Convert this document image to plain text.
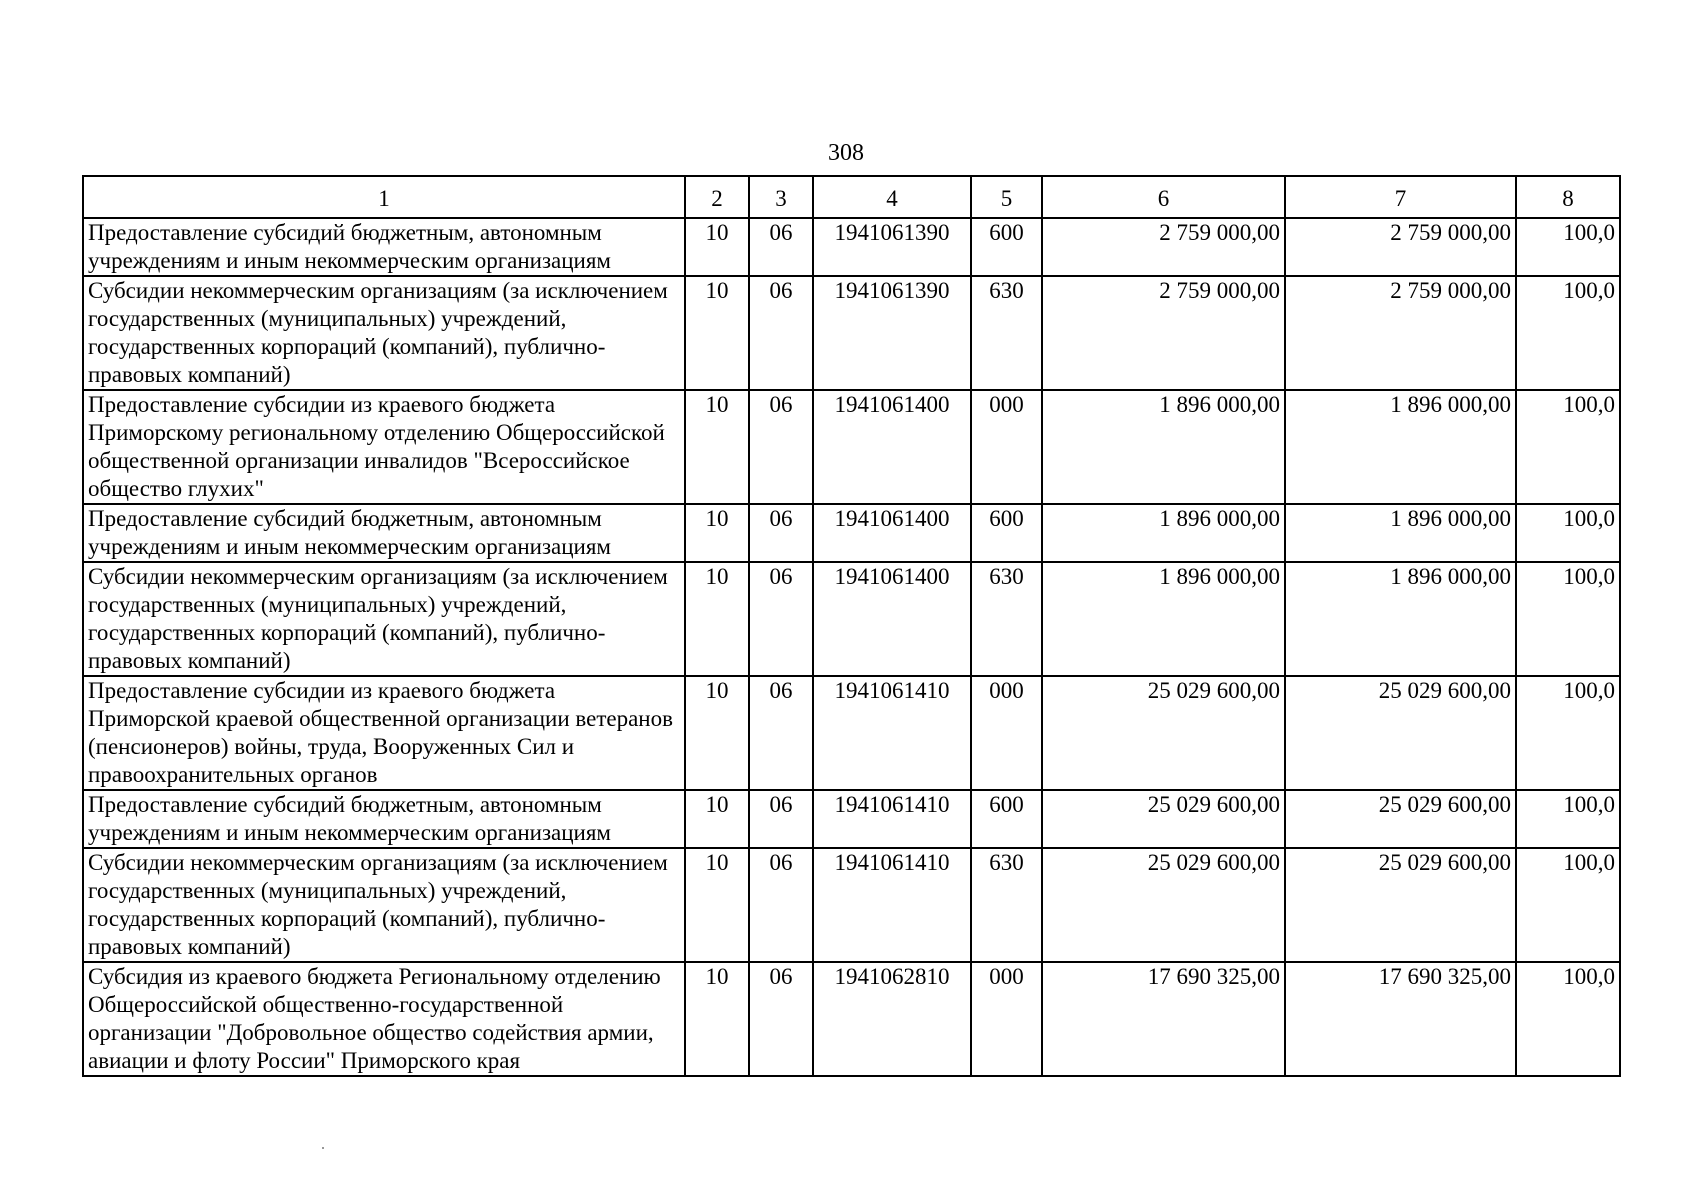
308
1	2	3	4	5	6	7	8
Предоставление субсидий бюджетным, автономным учреждениям и иным некоммерческим организациям	10	06	1941061390	600	2 759 000,00	2 759 000,00	100,0
Субсидии некоммерческим организациям (за исключением государственных (муниципальных) учреждений, государственных корпораций (компаний), публично-правовых компаний)	10	06	1941061390	630	2 759 000,00	2 759 000,00	100,0
Предоставление субсидии из краевого бюджета Приморскому региональному отделению Общероссийской общественной организации инвалидов "Всероссийское общество глухих"	10	06	1941061400	000	1 896 000,00	1 896 000,00	100,0
Предоставление субсидий бюджетным, автономным учреждениям и иным некоммерческим организациям	10	06	1941061400	600	1 896 000,00	1 896 000,00	100,0
Субсидии некоммерческим организациям (за исключением государственных (муниципальных) учреждений, государственных корпораций (компаний), публично-правовых компаний)	10	06	1941061400	630	1 896 000,00	1 896 000,00	100,0
Предоставление субсидии из краевого бюджета Приморской краевой общественной организации ветеранов (пенсионеров) войны, труда, Вооруженных Сил и правоохранительных органов	10	06	1941061410	000	25 029 600,00	25 029 600,00	100,0
Предоставление субсидий бюджетным, автономным учреждениям и иным некоммерческим организациям	10	06	1941061410	600	25 029 600,00	25 029 600,00	100,0
Субсидии некоммерческим организациям (за исключением государственных (муниципальных) учреждений, государственных корпораций (компаний), публично-правовых компаний)	10	06	1941061410	630	25 029 600,00	25 029 600,00	100,0
Субсидия из краевого бюджета Региональному отделению Общероссийской общественно-государственной организации "Добровольное общество содействия армии, авиации и флоту России" Приморского края	10	06	1941062810	000	17 690 325,00	17 690 325,00	100,0
